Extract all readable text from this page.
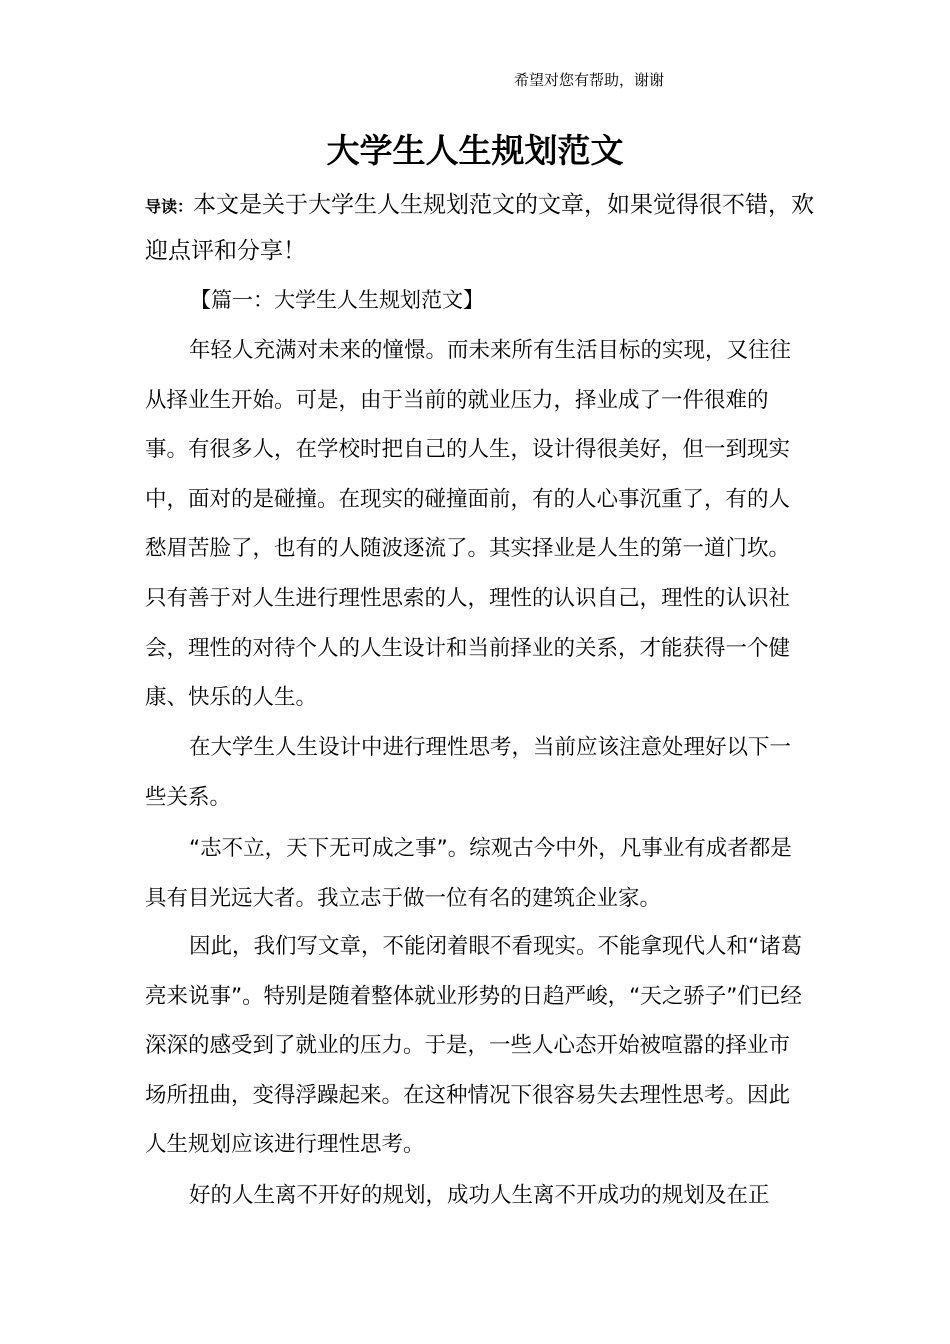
希望对您有帮助，谢谢
大学生人生规划范文
导读：本文是关于大学生人生规划范文的文章，如果觉得很不错，欢迎点评和分享！
【篇一：大学生人生规划范文】

年轻人充满对未来的憧憬。而未来所有生活目标的实现，又往往从择业生开始。可是，由于当前的就业压力，择业成了一件很难的事。有很多人，在学校时把自己的人生，设计得很美好，但一到现实中，面对的是碰撞。在现实的碰撞面前，有的人心事沉重了，有的人愁眉苦脸了，也有的人随波逐流了。其实择业是人生的第一道门坎。只有善于对人生进行理性思索的人，理性的认识自己，理性的认识社会，理性的对待个人的人生设计和当前择业的关系，才能获得一个健康、快乐的人生。

在大学生人生设计中进行理性思考，当前应该注意处理好以下一些关系。

“志不立，天下无可成之事”。综观古今中外，凡事业有成者都是具有目光远大者。我立志于做一位有名的建筑企业家。

因此，我们写文章，不能闭着眼不看现实。不能拿现代人和“诸葛亮来说事”。特别是随着整体就业形势的日趋严峻，“天之骄子”们已经深深的感受到了就业的压力。于是，一些人心态开始被喧嚣的择业市场所扭曲，变得浮躁起来。在这种情况下很容易失去理性思考。因此人生规划应该进行理性思考。

好的人生离不开好的规划，成功人生离不开成功的规划及在正
